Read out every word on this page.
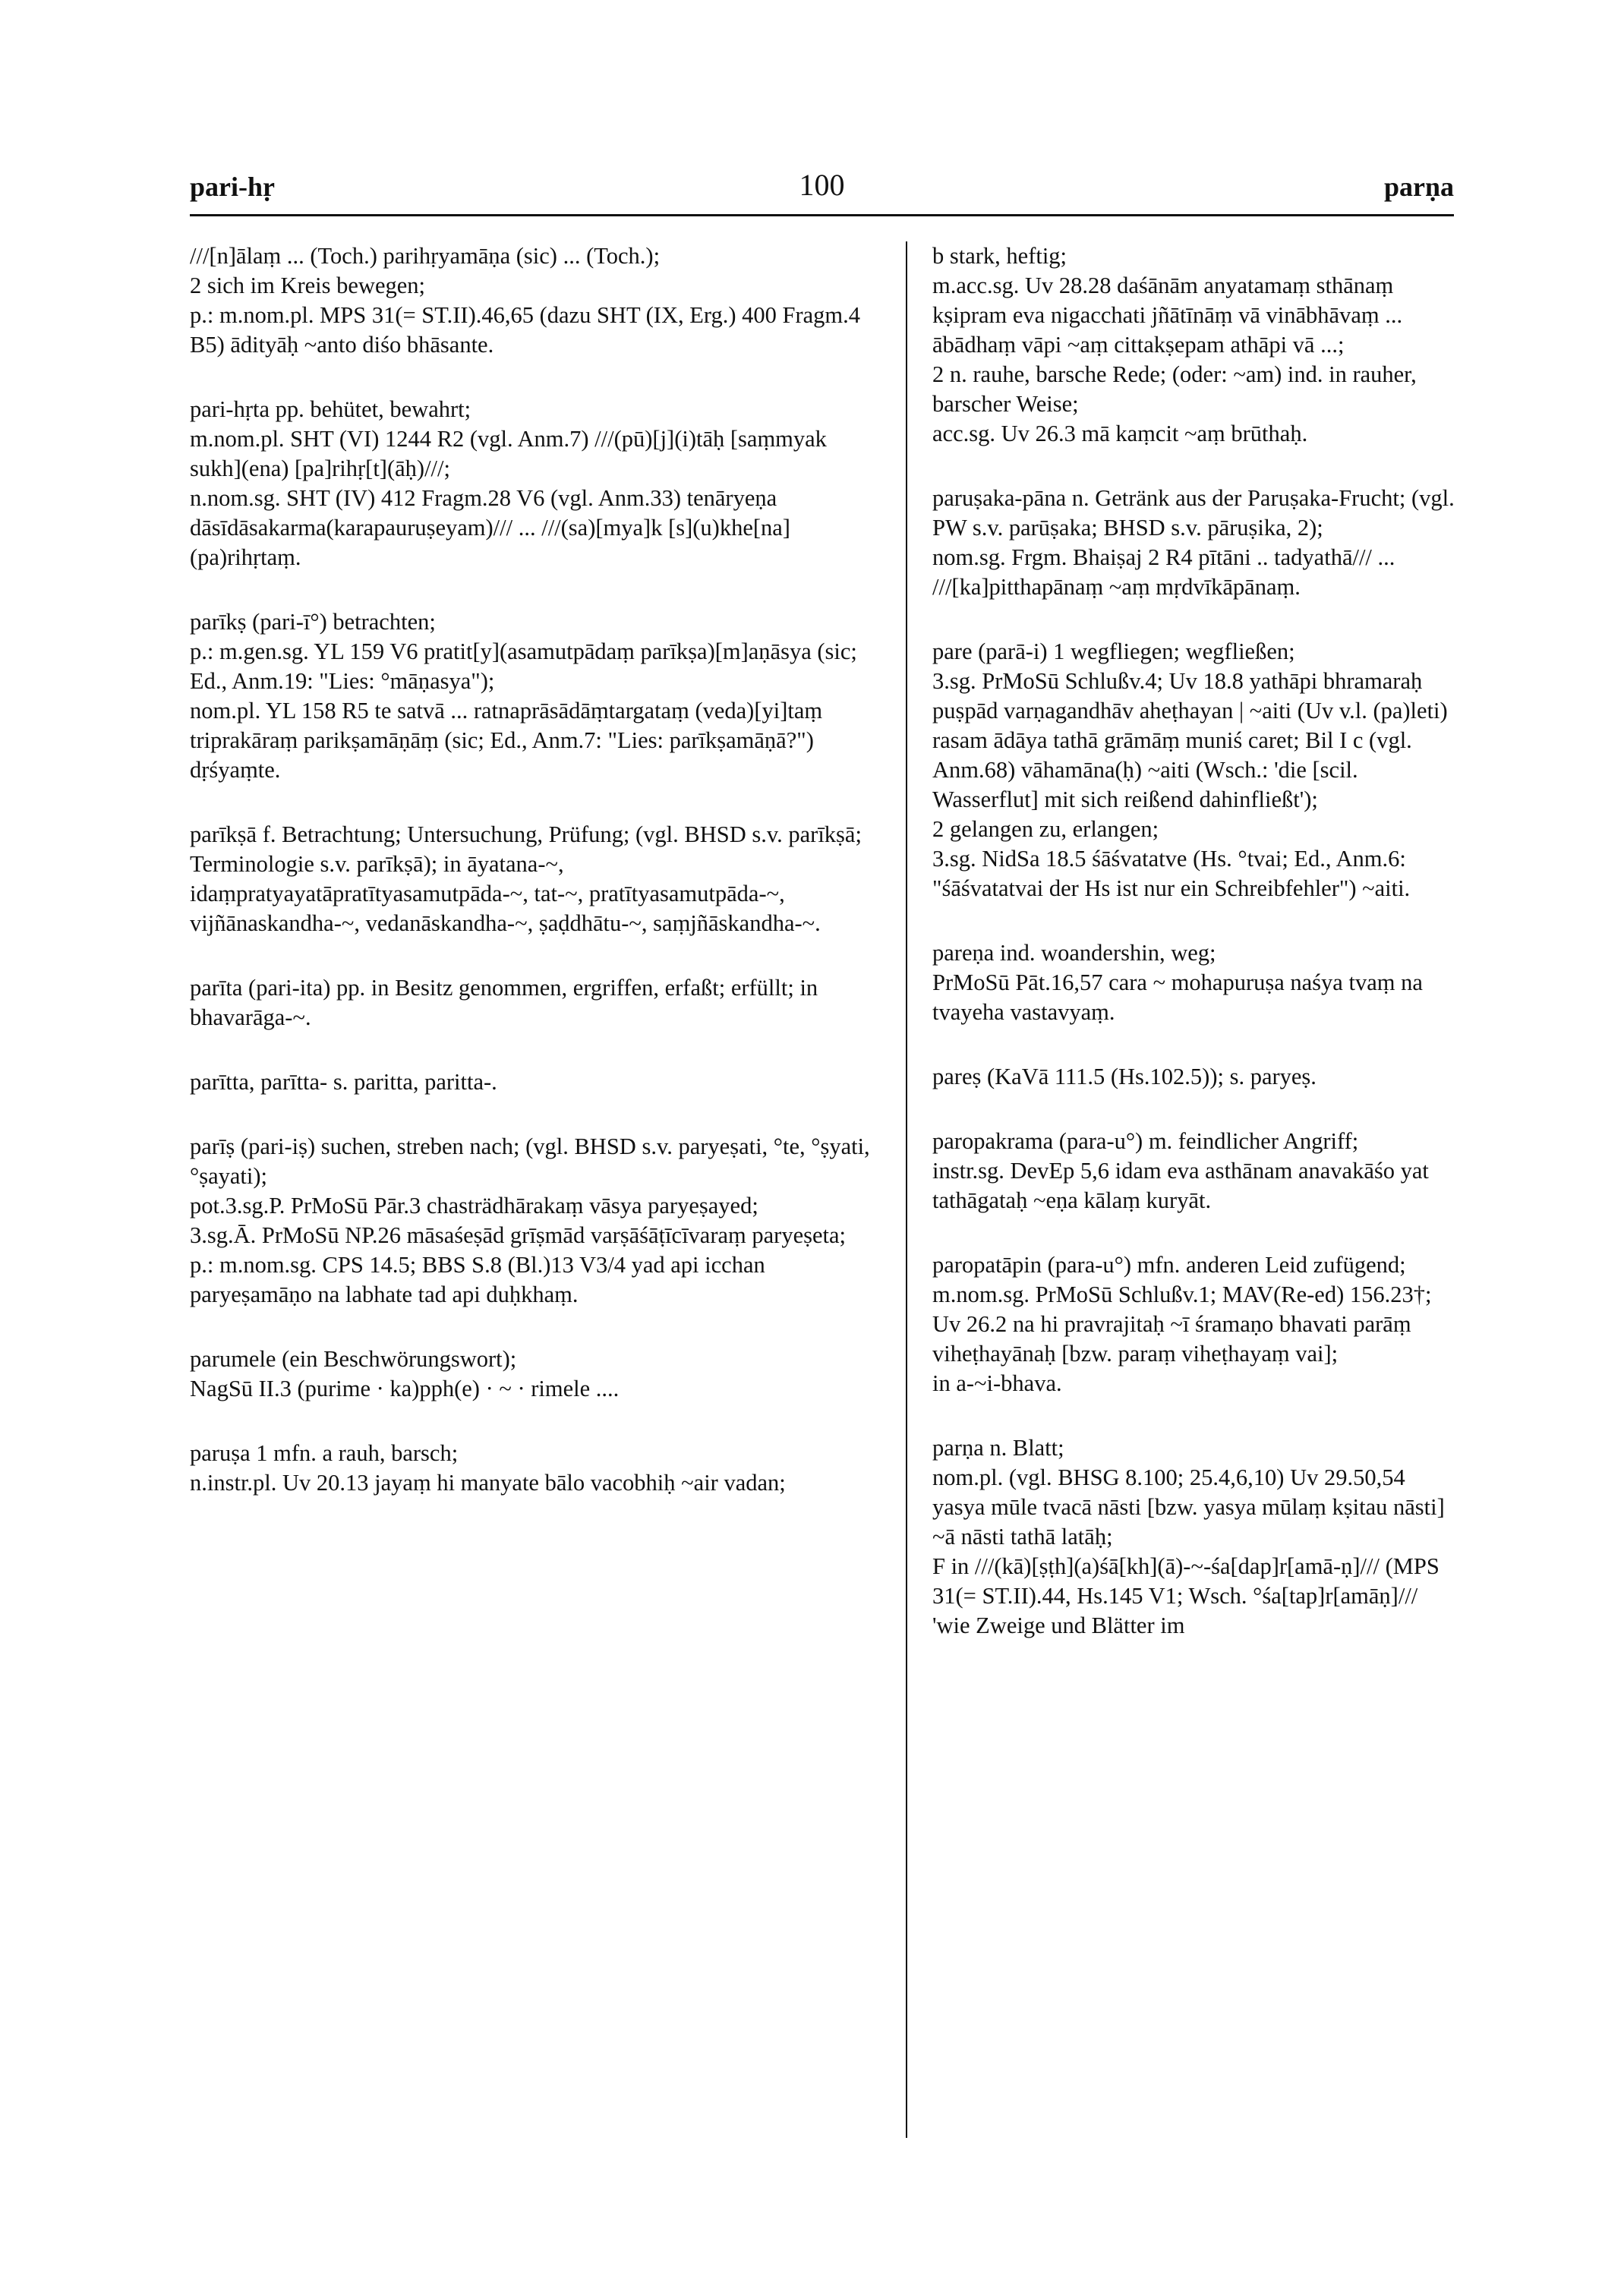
pari-hṛ	100	parṇa

///[n]ālaṃ ... (Toch.) parihṛyamāṇa (sic) ... (Toch.);

2 sich im Kreis bewegen;

p.: m.nom.pl. MPS 31(= ST.II).46,65 (dazu SHT (IX, Erg.) 400 Fragm.4 B5) ādityāḥ ~anto diśo bhāsante.

pari-hṛta pp. behütet, bewahrt;

m.nom.pl. SHT (VI) 1244 R2 (vgl. Anm.7) ///(pū)[j](i)tāḥ [saṃmyak sukh](ena) [pa]rihṛ[t](āḥ)///;

n.nom.sg. SHT (IV) 412 Fragm.28 V6 (vgl. Anm.33) tenāryeṇa dāsīdāsakarma(karapauruṣeyam)/// ... ///(sa)[mya]k [s](u)khe[na] (pa)rihṛtaṃ.

parīkṣ (pari-ī°) betrachten;

p.: m.gen.sg. YL 159 V6 pratit[y](asamutpādaṃ parīkṣa)[m]aṇāsya (sic; Ed., Anm.19: "Lies: °māṇasya");

nom.pl. YL 158 R5 te satvā ... ratnaprāsādāṃtargataṃ (veda)[yi]taṃ triprakāraṃ parikṣamāṇāṃ (sic; Ed., Anm.7: "Lies: parīkṣamāṇā?") dṛśyaṃte.

parīkṣā f. Betrachtung; Untersuchung, Prüfung; (vgl. BHSD s.v. parīkṣā; Terminologie s.v. parīkṣā); in āyatana-~, idaṃpratyayatāpratītyasamutpāda-~, tat-~, pratītyasamutpāda-~, vijñānaskandha-~, vedanāskandha-~, ṣaḍdhātu-~, saṃjñāskandha-~.

parīta (pari-ita) pp. in Besitz genommen, ergriffen, erfaßt; erfüllt; in bhavarāga-~.

parītta, parītta- s. paritta, paritta-.

parīṣ (pari-iṣ) suchen, streben nach; (vgl. BHSD s.v. paryeṣati, °te, °ṣyati, °ṣayati);

pot.3.sg.P. PrMoSū Pār.3 chasträdhārakaṃ vāsya paryeṣayed;

3.sg.Ā. PrMoSū NP.26 māsaśeṣād grīṣmād varṣāśāṭīcīvaraṃ paryeṣeta;

p.: m.nom.sg. CPS 14.5; BBS S.8 (Bl.)13 V3/4 yad api icchan paryeṣamāṇo na labhate tad api duḥkhaṃ.

parumele (ein Beschwörungswort);

NagSū II.3 (purime · ka)pph(e) · ~ · rimele ....

paruṣa 1 mfn. a rauh, barsch;

n.instr.pl. Uv 20.13 jayaṃ hi manyate bālo vacobhiḥ ~air vadan;

b stark, heftig;

m.acc.sg. Uv 28.28 daśānām anyatamaṃ sthānaṃ kṣipram eva nigacchati jñātīnāṃ vā vinābhāvaṃ ... ābādhaṃ vāpi ~aṃ cittakṣepam athāpi vā ...;

2 n. rauhe, barsche Rede; (oder: ~am) ind. in rauher, barscher Weise;

acc.sg. Uv 26.3 mā kaṃcit ~aṃ brūthaḥ.

paruṣaka-pāna n. Getränk aus der Paruṣaka-Frucht; (vgl. PW s.v. parūṣaka; BHSD s.v. pāruṣika, 2);

nom.sg. Frgm. Bhaiṣaj 2 R4 pītāni .. tadyathā/// ... ///[ka]pitthapānaṃ ~aṃ mṛdvīkāpānaṃ.

pare (parā-i) 1 wegfliegen; wegfließen;

3.sg. PrMoSū Schlußv.4; Uv 18.8 yathāpi bhramaraḥ puṣpād varṇagandhāv aheṭhayan | ~aiti (Uv v.l. (pa)leti) rasam ādāya tathā grāmāṃ muniś caret; Bil I c (vgl. Anm.68) vāhamāna(ḥ) ~aiti (Wsch.: 'die [scil. Wasserflut] mit sich reißend dahinfließt');

2 gelangen zu, erlangen;

3.sg. NidSa 18.5 śāśvatatve (Hs. °tvai; Ed., Anm.6: "śāśvatatvai der Hs ist nur ein Schreibfehler") ~aiti.

pareṇa ind. woandershin, weg;

PrMoSū Pāt.16,57 cara ~ mohapuruṣa naśya tvaṃ na tvayeha vastavyaṃ.

pareṣ (KaVā 111.5 (Hs.102.5)); s. paryeṣ.

paropakrama (para-u°) m. feindlicher Angriff;

instr.sg. DevEp 5,6 idam eva asthānam anavakāśo yat tathāgataḥ ~eṇa kālaṃ kuryāt.

paropatāpin (para-u°) mfn. anderen Leid zufügend;

m.nom.sg. PrMoSū Schlußv.1; MAV(Re-ed) 156.23†; Uv 26.2 na hi pravrajitaḥ ~ī śramaṇo bhavati parāṃ viheṭhayānaḥ [bzw. paraṃ viheṭhayaṃ vai];

in a-~i-bhava.

parṇa n. Blatt;

nom.pl. (vgl. BHSG 8.100; 25.4,6,10) Uv 29.50,54 yasya mūle tvacā nāsti [bzw. yasya mūlaṃ kṣitau nāsti] ~ā nāsti tathā latāḥ;

F in ///(kā)[ṣṭh](a)śā[kh](ā)-~-śa[dap]r[amā-ṇ]/// (MPS 31(= ST.II).44, Hs.145 V1; Wsch. °śa[tap]r[amāṇ]/// 'wie Zweige und Blätter im
